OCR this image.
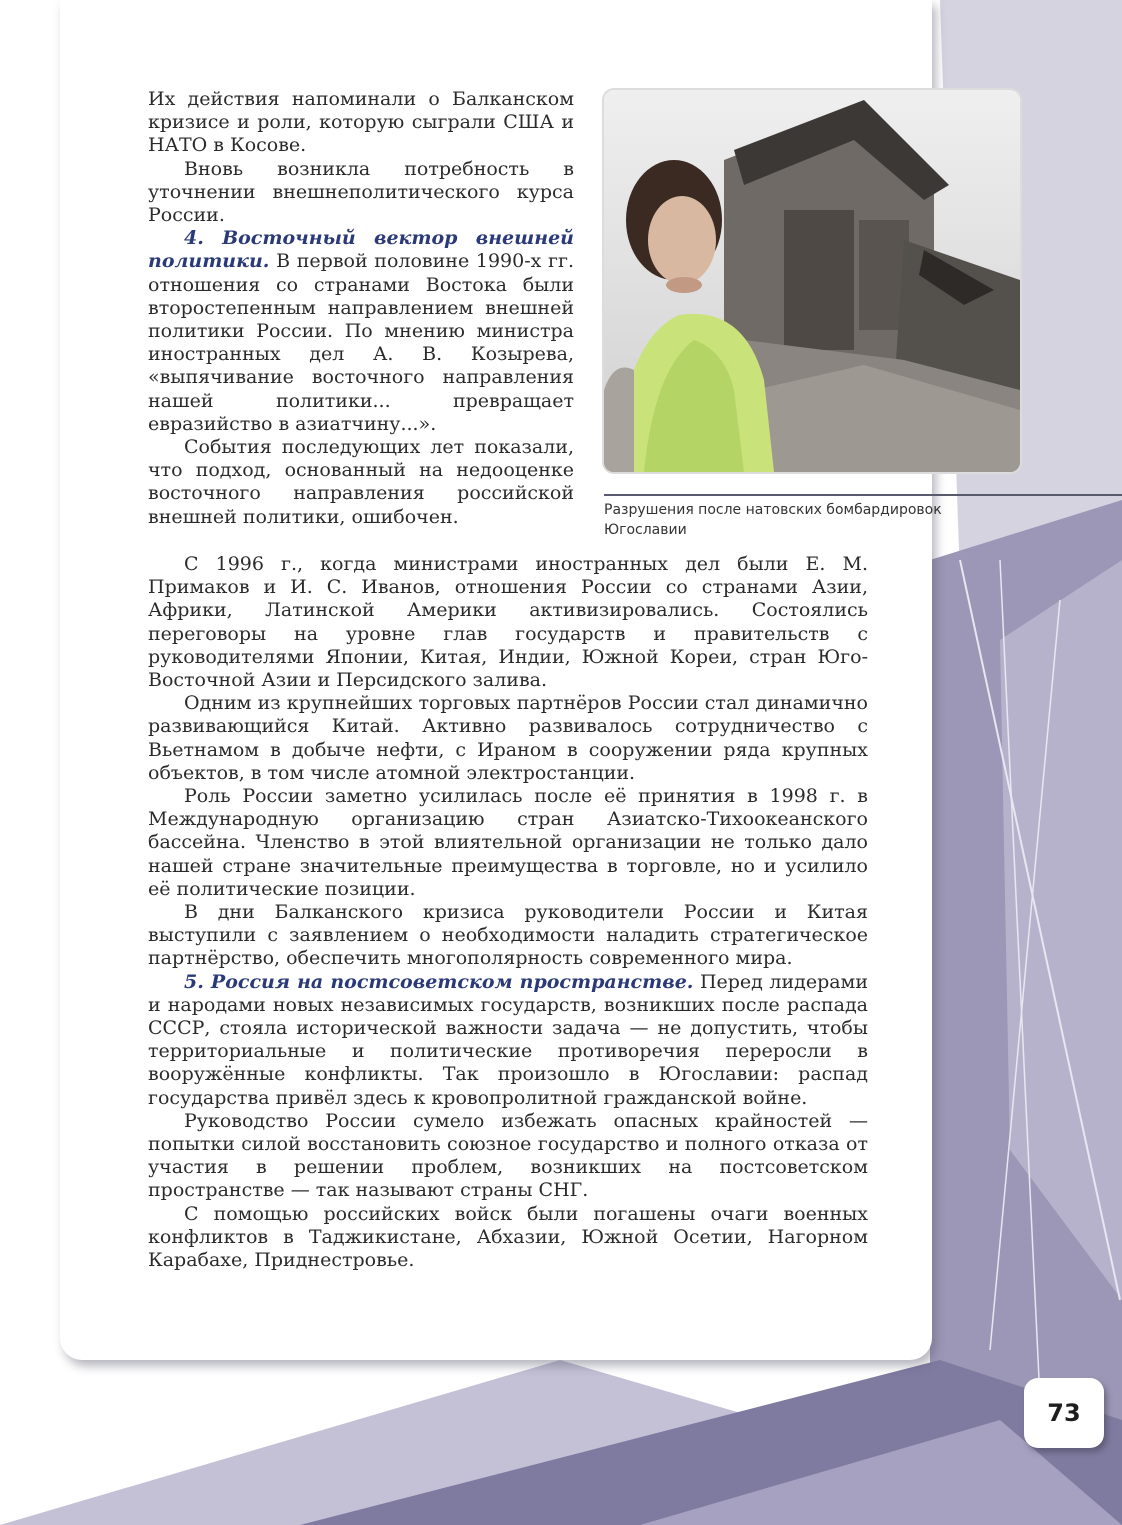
Их действия напоминали о Балканском кризисе и роли, которую сыграли США и НАТО в Косове.

Вновь возникла потребность в уточнении внешнеполитического курса России.

4. Восточный вектор внешней политики. В первой половине 1990-х гг. отношения со странами Востока были второстепенным направлением внешней политики России. По мнению министра иностранных дел А. В. Козырева, «выпячивание восточного направления нашей политики... превращает евразийство в азиатчину...».

События последующих лет показали, что подход, основанный на недооценке восточного направления российской внешней политики, ошибочен.	Разрушения после натовских бомбардировок Югославии

С 1996 г., когда министрами иностранных дел были Е. М. Примаков и И. С. Иванов, отношения России со странами Азии, Африки, Латинской Америки активизировались. Состоялись переговоры на уровне глав государств и правительств с руководителями Японии, Китая, Индии, Южной Кореи, стран Юго-Восточной Азии и Персидского залива.

Одним из крупнейших торговых партнёров России стал динамично развивающийся Китай. Активно развивалось сотрудничество с Вьетнамом в добыче нефти, с Ираном в сооружении ряда крупных объектов, в том числе атомной электростанции.

Роль России заметно усилилась после её принятия в 1998 г. в Международную организацию стран Азиатско-Тихоокеанского бассейна. Членство в этой влиятельной организации не только дало нашей стране значительные преимущества в торговле, но и усилило её политические позиции.

В дни Балканского кризиса руководители России и Китая выступили с заявлением о необходимости наладить стратегическое партнёрство, обеспечить многополярность современного мира.

5. Россия на постсоветском пространстве. Перед лидерами и народами новых независимых государств, возникших после распада СССР, стояла исторической важности задача — не допустить, чтобы территориальные и политические противоречия переросли в вооружённые конфликты. Так произошло в Югославии: распад государства привёл здесь к кровопролитной гражданской войне.

Руководство России сумело избежать опасных крайностей — попытки силой восстановить союзное государство и полного отказа от участия в решении проблем, возникших на постсоветском пространстве — так называют страны СНГ.

С помощью российских войск были погашены очаги военных конфликтов в Таджикистане, Абхазии, Южной Осетии, Нагорном Карабахе, Приднестровье.

73
